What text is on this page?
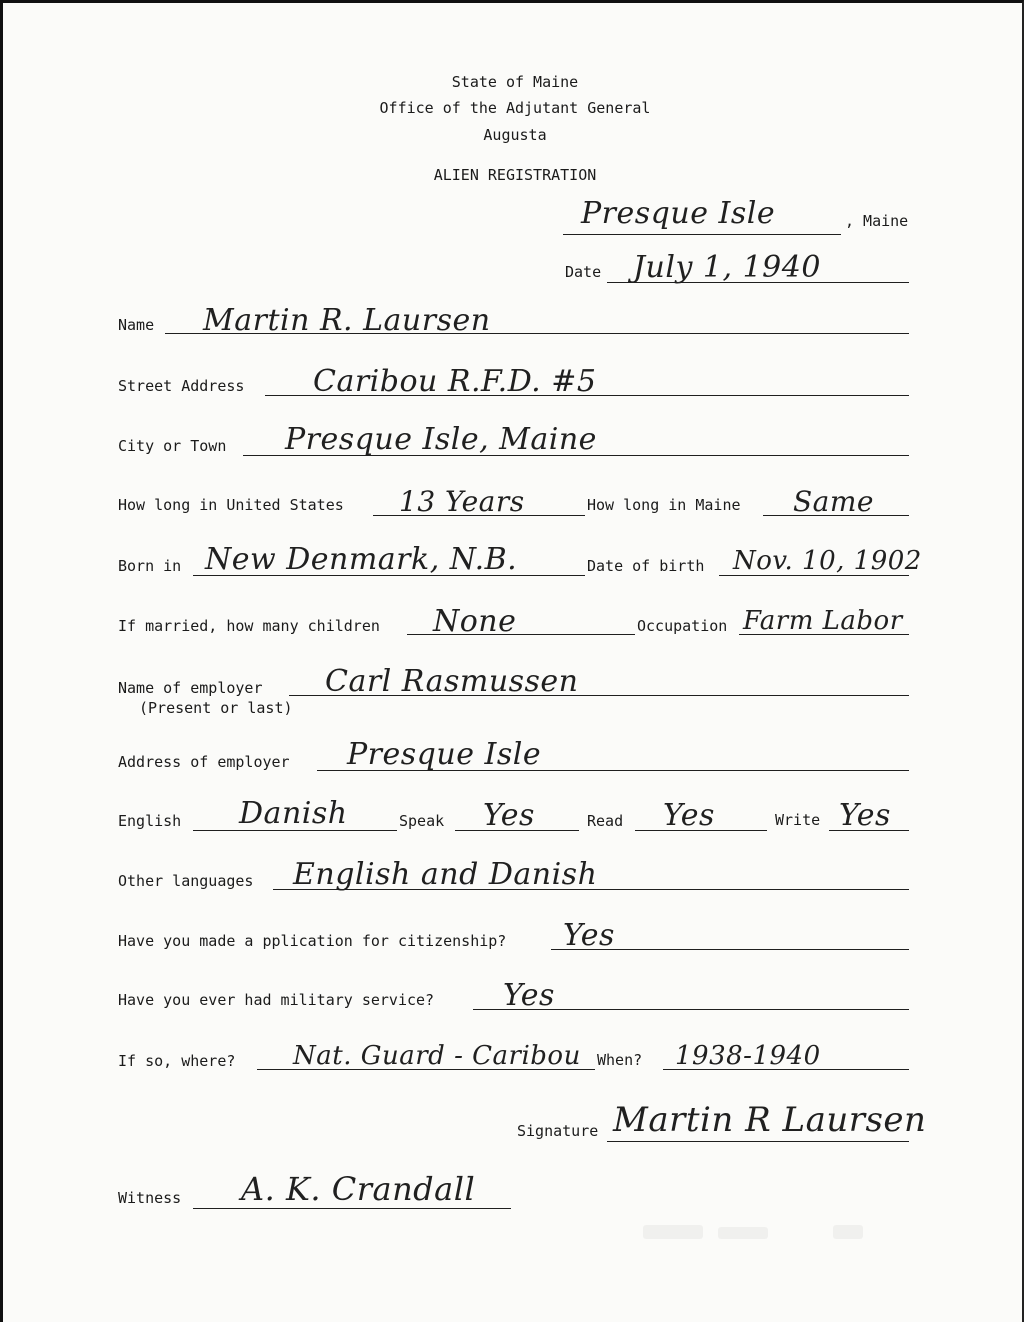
State of Maine
Office of the Adjutant General
Augusta
ALIEN REGISTRATION
Presque Isle	, Maine
Date July 1, 1940
Name Martin R. Laursen
Street Address Caribou R.F.D. #5
City or Town Presque Isle, Maine
How long in United States 13 Years	How long in Maine Same
Born in New Denmark, N.B.	Date of birth Nov. 10, 1902
If married, how many children None	Occupation Farm Labor
Name of employer
(Present or last)
Carl Rasmussen
Address of employer Presque Isle
English Danish	Speak Yes	Read Yes	Write Yes
Other languages English and Danish
Have you made a pplication for citizenship? Yes
Have you ever had military service? Yes
If so, where? Nat. Guard - Caribou When? 1938-1940
Signature Martin R Laursen
Witness A. K. Crandall
